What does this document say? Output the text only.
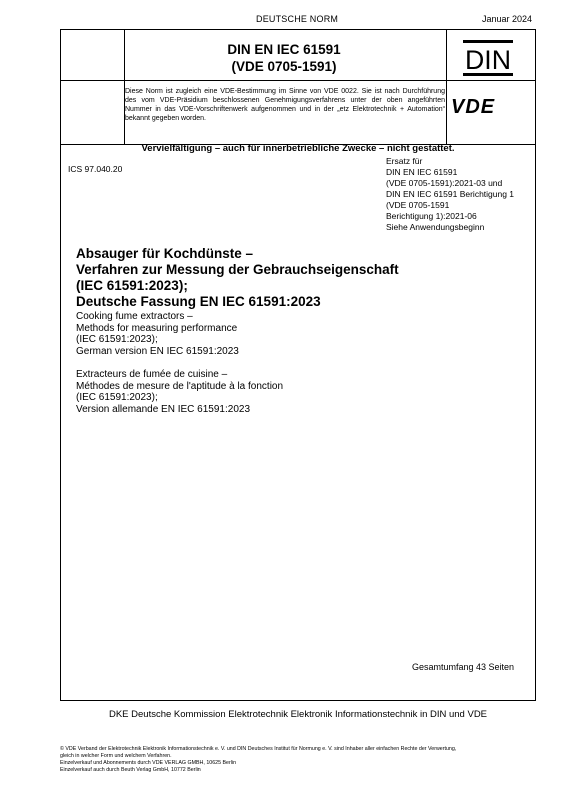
DEUTSCHE NORM	Januar 2024
DIN EN IEC 61591
(VDE 0705-1591)	DIN
Diese Norm ist zugleich eine VDE-Bestimmung im Sinne von VDE 0022. Sie ist nach Durchführung des vom VDE-Präsidium beschlossenen Genehmigungsverfahrens unter der oben angeführten Nummer in das VDE-Vorschriftenwerk aufgenommen und in der „etz Elektrotechnik + Automation“ bekannt gegeben worden.
VDE
Vervielfältigung – auch für innerbetriebliche Zwecke – nicht gestattet.
ICS 97.040.20
Ersatz für
DIN EN IEC 61591
(VDE 0705-1591):2021-03 und
DIN EN IEC 61591 Berichtigung 1
(VDE 0705-1591
Berichtigung 1):2021-06
Siehe Anwendungsbeginn
Absauger für Kochdünste –
Verfahren zur Messung der Gebrauchseigenschaft
(IEC 61591:2023);
Deutsche Fassung EN IEC 61591:2023
Cooking fume extractors –
Methods for measuring performance
(IEC 61591:2023);
German version EN IEC 61591:2023
Extracteurs de fumée de cuisine –
Méthodes de mesure de l'aptitude à la fonction
(IEC 61591:2023);
Version allemande EN IEC 61591:2023
Gesamtumfang 43 Seiten
DKE Deutsche Kommission Elektrotechnik Elektronik Informationstechnik in DIN und VDE
© VDE Verband der Elektrotechnik Elektronik Informationstechnik e. V. und DIN Deutsches Institut für Normung e. V. sind Inhaber aller einfachen Rechte der Verwertung,
gleich in welcher Form und welchem Verfahren.
Einzelverkauf und Abonnements durch VDE VERLAG GMBH, 10625 Berlin
Einzelverkauf auch durch Beuth Verlag GmbH, 10772 Berlin
